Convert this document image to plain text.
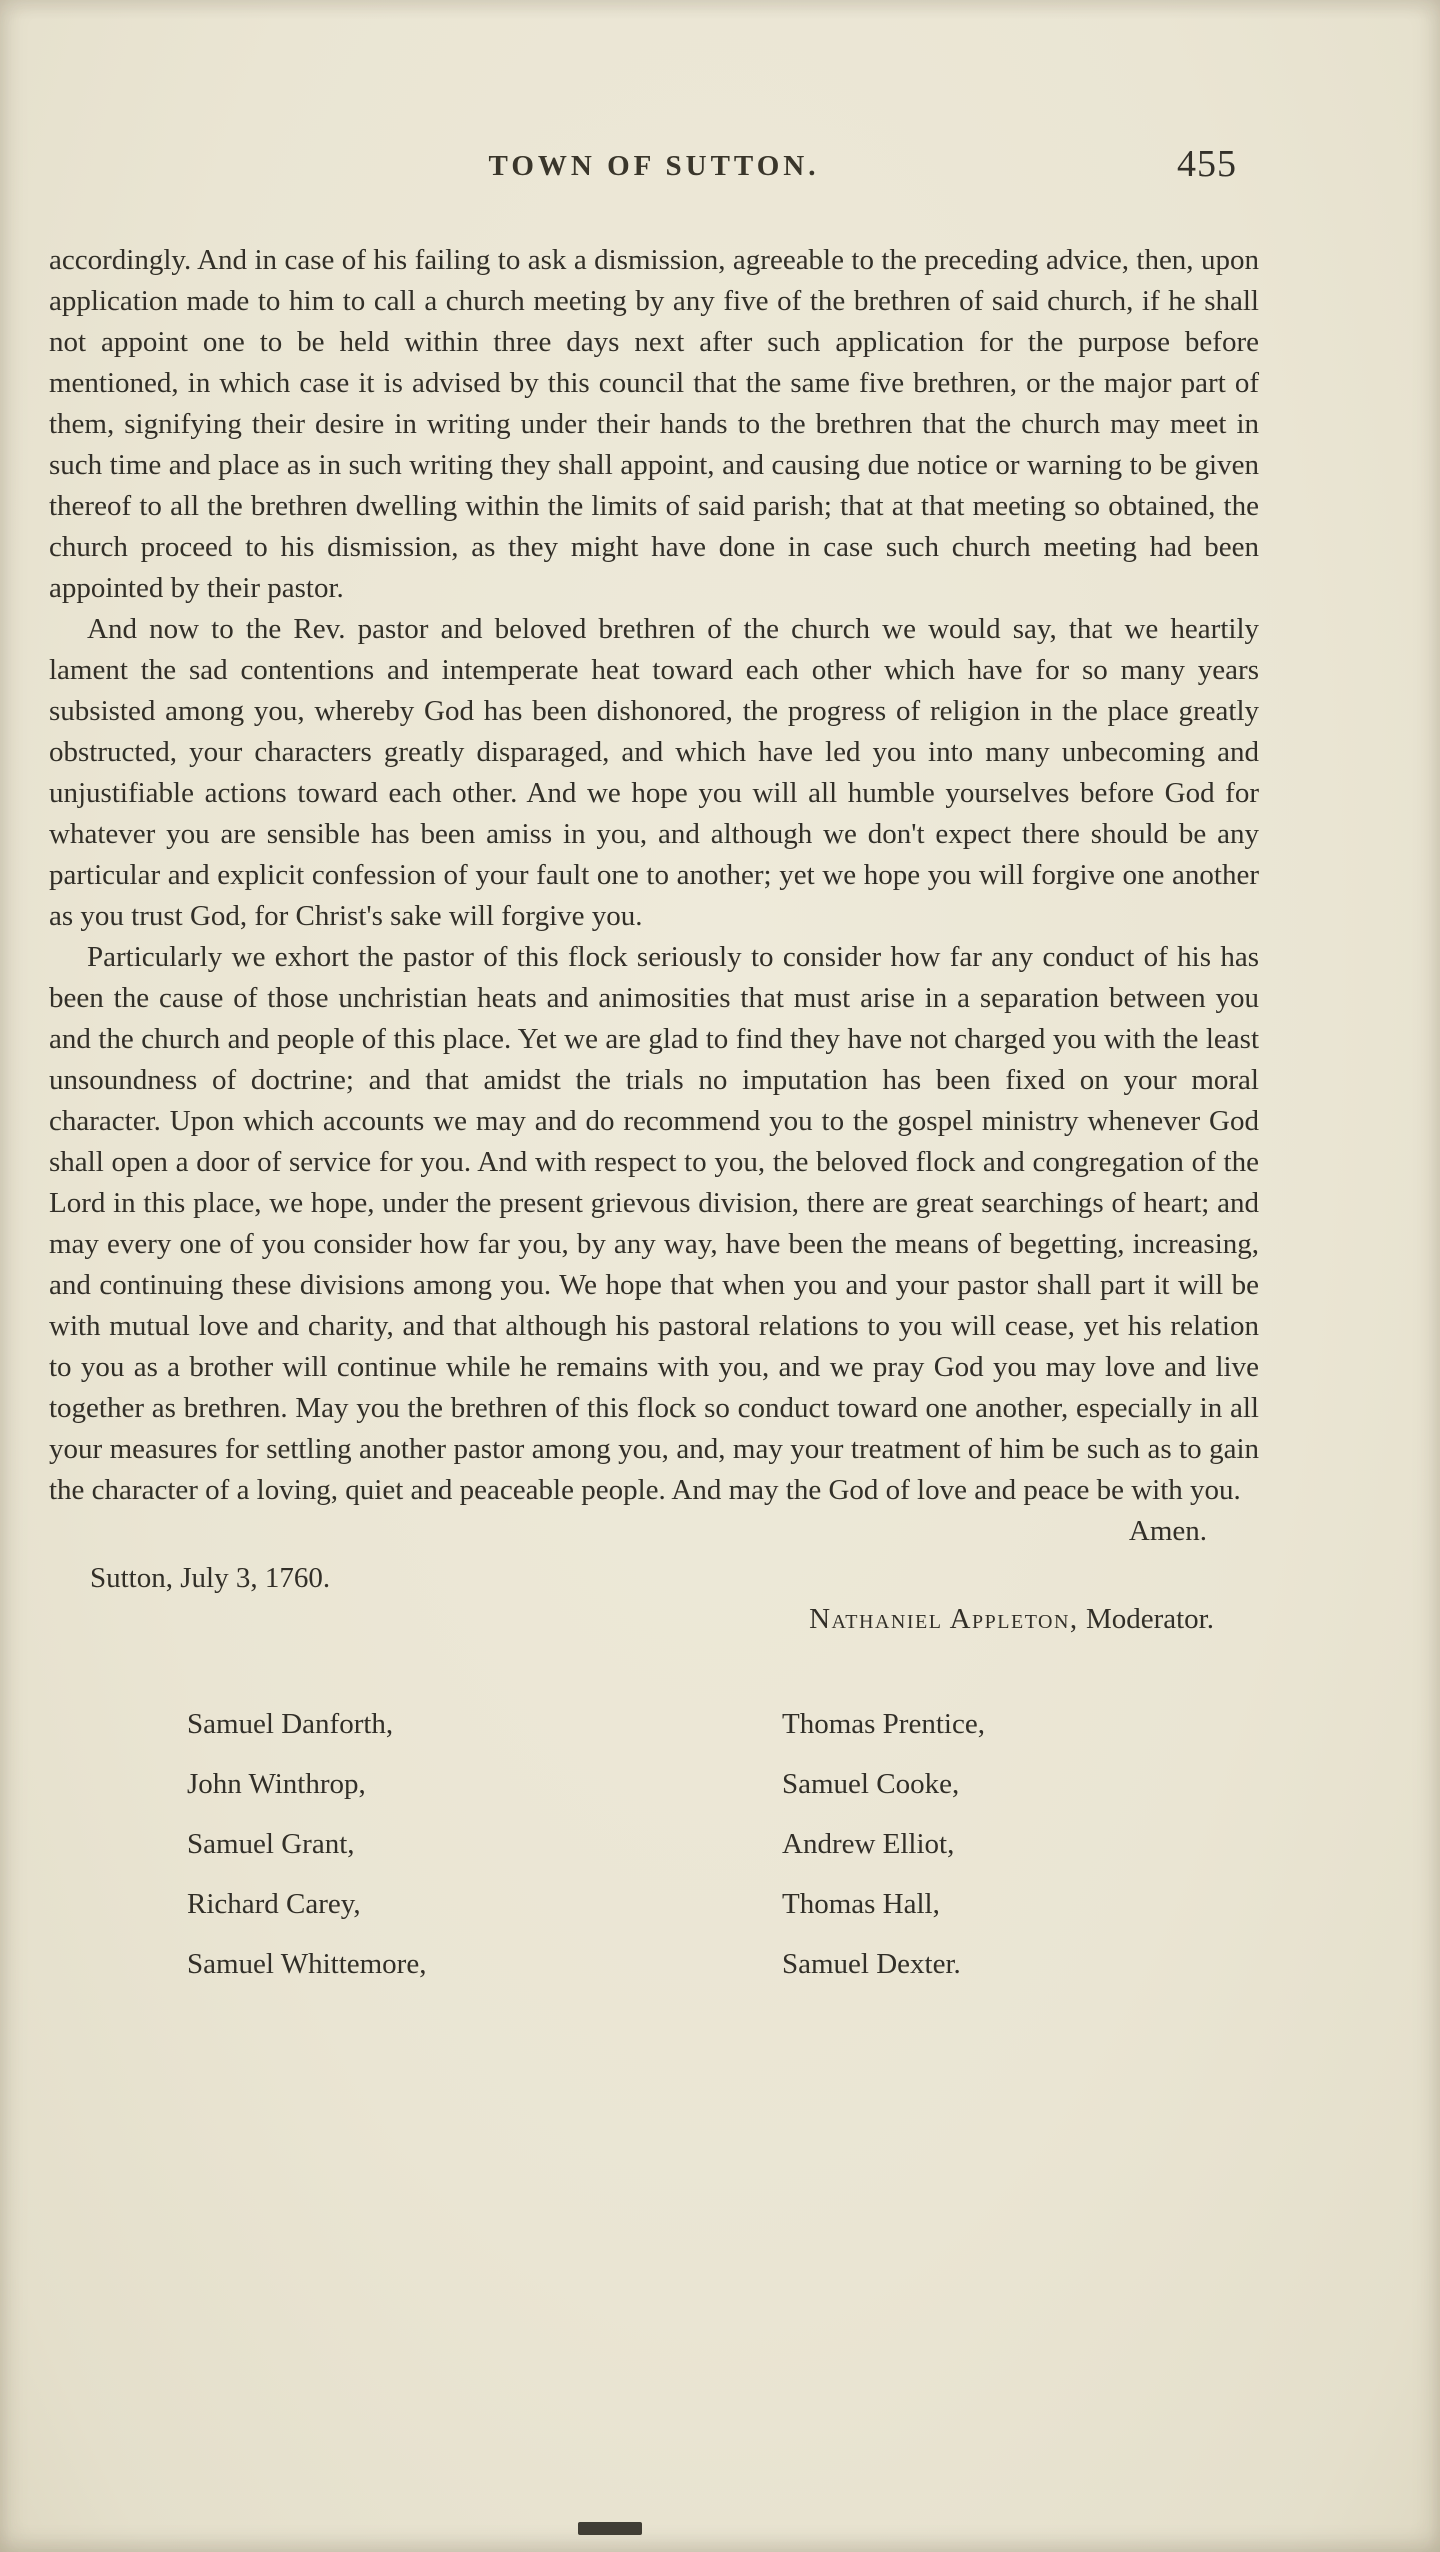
TOWN OF SUTTON.	455

accordingly. And in case of his failing to ask a dismission, agreeable to the preceding advice, then, upon application made to him to call a church meeting by any five of the brethren of said church, if he shall not appoint one to be held within three days next after such application for the purpose before mentioned, in which case it is advised by this council that the same five brethren, or the major part of them, signifying their desire in writing under their hands to the brethren that the church may meet in such time and place as in such writing they shall appoint, and causing due notice or warning to be given thereof to all the brethren dwelling within the limits of said parish; that at that meeting so obtained, the church proceed to his dismission, as they might have done in case such church meeting had been appointed by their pastor.

And now to the Rev. pastor and beloved brethren of the church we would say, that we heartily lament the sad contentions and intemperate heat toward each other which have for so many years subsisted among you, whereby God has been dishonored, the progress of religion in the place greatly obstructed, your characters greatly disparaged, and which have led you into many unbecoming and unjustifiable actions toward each other. And we hope you will all humble yourselves before God for whatever you are sensible has been amiss in you, and although we don't expect there should be any particular and explicit confession of your fault one to another; yet we hope you will forgive one another as you trust God, for Christ's sake will forgive you.

Particularly we exhort the pastor of this flock seriously to consider how far any conduct of his has been the cause of those unchristian heats and animosities that must arise in a separation between you and the church and people of this place. Yet we are glad to find they have not charged you with the least unsoundness of doctrine; and that amidst the trials no imputation has been fixed on your moral character. Upon which accounts we may and do recommend you to the gospel ministry whenever God shall open a door of service for you. And with respect to you, the beloved flock and congregation of the Lord in this place, we hope, under the present grievous division, there are great searchings of heart; and may every one of you consider how far you, by any way, have been the means of begetting, increasing, and continuing these divisions among you. We hope that when you and your pastor shall part it will be with mutual love and charity, and that although his pastoral relations to you will cease, yet his relation to you as a brother will continue while he remains with you, and we pray God you may love and live together as brethren. May you the brethren of this flock so conduct toward one another, especially in all your measures for settling another pastor among you, and, may your treatment of him be such as to gain the character of a loving, quiet and peaceable people. And may the God of love and peace be with you.

Amen.

Sutton, July 3, 1760.
Nathaniel Appleton, Moderator.
Samuel Danforth,
John Winthrop,
Samuel Grant,
Richard Carey,
Samuel Whittemore,
Thomas Prentice,
Samuel Cooke,
Andrew Elliot,
Thomas Hall,
Samuel Dexter.
